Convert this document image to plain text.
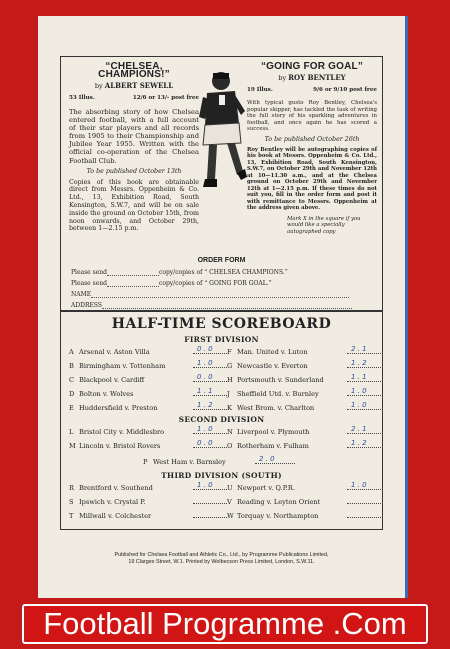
“CHELSEA, CHAMPIONS!”
by ALBERT SEWELL
53 Illus.	12/6 or 13/- post free
The absorbing story of how Chelsea entered football, with a full account of their star players and all records from 1905 to their Championship and Jubilee Year 1955. Written with the official co-operation of the Chelsea Football Club.
To be published October 13th
Copies of this book are obtainable direct from Messrs. Oppenheim & Co. Ltd., 13, Exhibition Road, South Kensington, S.W.7, and will be on sale inside the ground on October 15th, from noon onwards, and October 29th, between 1—2.15 p.m.
“GOING FOR GOAL”
by ROY BENTLEY
19 Illus.	9/6 or 9/10 post free
With typical gusto Roy Bentley, Chelsea's popular skipper, has tackled the task of writing the full story of his sparkling adventures in football, and once again he has scored a success.
To be published October 26th
Roy Bentley will be autographing copies of his book at Messrs. Oppenheim & Co. Ltd., 13, Exhibition Road, South Kensington, S.W.7, on October 29th and November 12th at 10—11.30 a.m., and at the Chelsea ground on October 29th and November 12th at 1—2.15 p.m. If these times do not suit you, fill in the order form and post it with remittance to Messrs. Oppenheim at the address given above.
Mark X in the square if you would like a specially autographed copy
ORDER FORM
Please send	copy/copies of “ CHELSEA CHAMPIONS.”
Please send	copy/copies of “ GOING FOR GOAL.”
NAME
ADDRESS
HALF-TIME SCOREBOARD
FIRST DIVISION
SECOND DIVISION
THIRD DIVISION (SOUTH)
A Arsenal v. Aston Villa	0 . 0
B Birmingham v. Tottenham	1 . 0
C Blackpool v. Cardiff	0 . 0
D Bolton v. Wolves	1 . 1
E Huddersfield v. Preston	1 . 2
F Man. United v. Luton	2 . 1
G Newcastle v. Everton	1 . 2
H Portsmouth v. Sunderland	1 . 1
J	Sheffield Utd. v. Burnley	1 . 0
K West Brom. v. Charlton	1 . 0
L Bristol City v. Middlesbro	1 . 0
M Lincoln v. Bristol Rovers	0 . 0
N Liverpool v. Plymouth	2 . 1
O Rotherham v. Fulham	1 . 2
P West Ham v. Barnsley	2 . 0
R Brentford v. Southend	1 . 0
S Ipswich v. Crystal P.
T Millwall v. Colchester
U Newport v. Q.P.R.	1 . 0
V Reading v. Leyton Orient
W Torquay v. Northampton
Published for Chelsea Football and Athletic Co., Ltd., by Programme Publications Limited,
19 Clarges Street, W.1. Printed by Welbecson Press Limited, London, S.W.11.
Football Programme .Com
